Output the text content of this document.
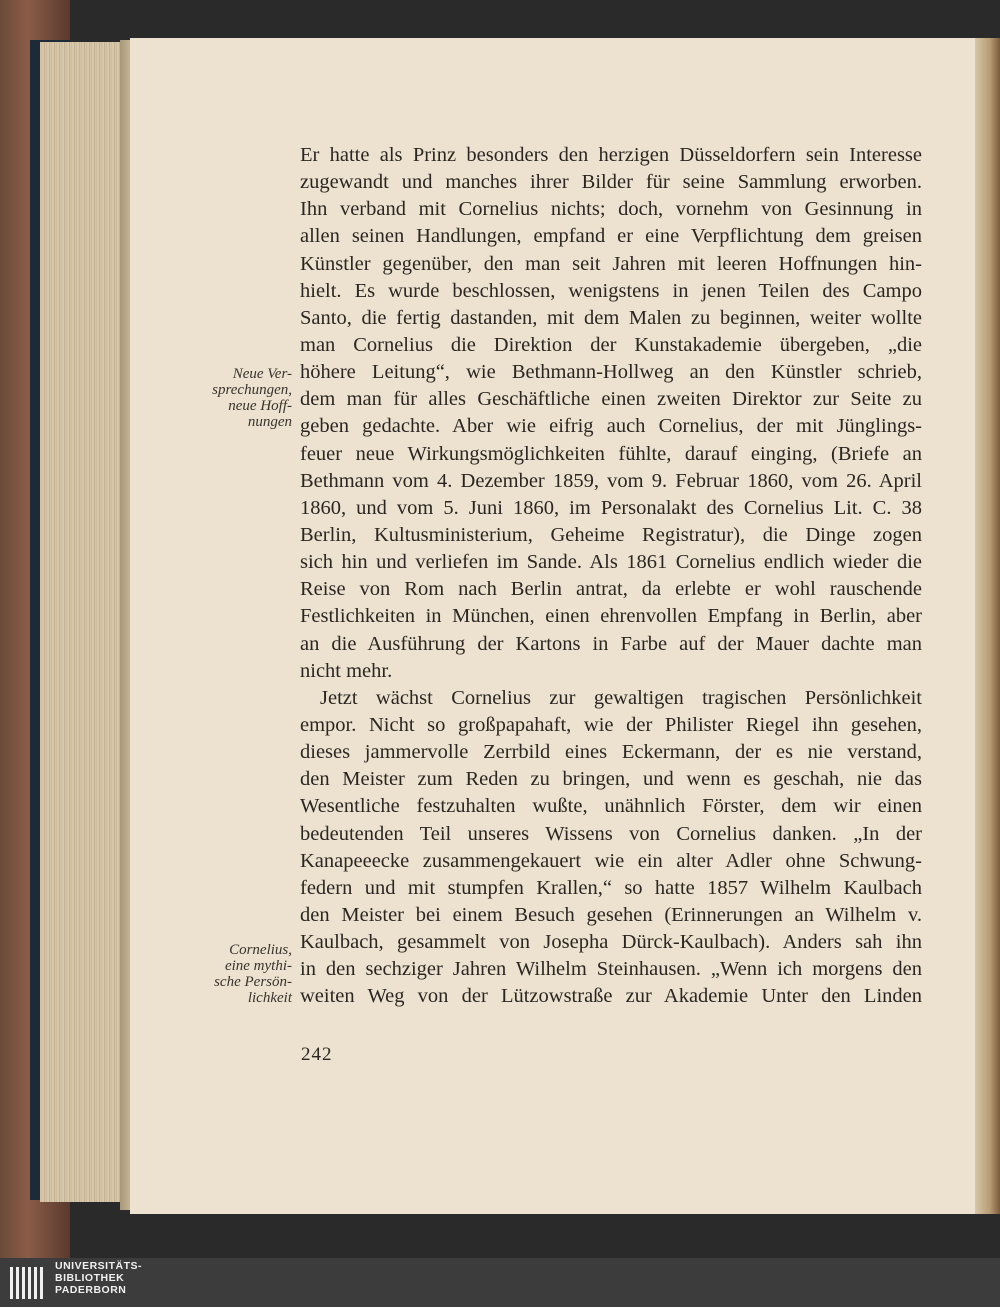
Er hatte als Prinz besonders den herzigen Düsseldorfern sein Interesse
zugewandt und manches ihrer Bilder für seine Sammlung erworben.
Ihn verband mit Cornelius nichts; doch, vornehm von Gesinnung in
allen seinen Handlungen, empfand er eine Verpflichtung dem greisen
Künstler gegenüber, den man seit Jahren mit leeren Hoffnungen hin-
hielt. Es wurde beschlossen, wenigstens in jenen Teilen des Campo
Santo, die fertig dastanden, mit dem Malen zu beginnen, weiter wollte
man Cornelius die Direktion der Kunstakademie übergeben, „die
höhere Leitung“, wie Bethmann-Hollweg an den Künstler schrieb,
dem man für alles Geschäftliche einen zweiten Direktor zur Seite zu
geben gedachte. Aber wie eifrig auch Cornelius, der mit Jünglings-
feuer neue Wirkungsmöglichkeiten fühlte, darauf einging, (Briefe an
Bethmann vom 4. Dezember 1859, vom 9. Februar 1860, vom 26. April
1860, und vom 5. Juni 1860, im Personalakt des Cornelius Lit. C. 38
Berlin, Kultusministerium, Geheime Registratur), die Dinge zogen
sich hin und verliefen im Sande. Als 1861 Cornelius endlich wieder die
Reise von Rom nach Berlin antrat, da erlebte er wohl rauschende
Festlichkeiten in München, einen ehrenvollen Empfang in Berlin, aber
an die Ausführung der Kartons in Farbe auf der Mauer dachte man
nicht mehr.
Jetzt wächst Cornelius zur gewaltigen tragischen Persönlichkeit
empor. Nicht so großpapahaft, wie der Philister Riegel ihn gesehen,
dieses jammervolle Zerrbild eines Eckermann, der es nie verstand,
den Meister zum Reden zu bringen, und wenn es geschah, nie das
Wesentliche festzuhalten wußte, unähnlich Förster, dem wir einen
bedeutenden Teil unseres Wissens von Cornelius danken. „In der
Kanapeeecke zusammengekauert wie ein alter Adler ohne Schwung-
federn und mit stumpfen Krallen,“ so hatte 1857 Wilhelm Kaulbach
den Meister bei einem Besuch gesehen (Erinnerungen an Wilhelm v.
Kaulbach, gesammelt von Josepha Dürck-Kaulbach). Anders sah ihn
in den sechziger Jahren Wilhelm Steinhausen. „Wenn ich morgens den
weiten Weg von der Lützowstraße zur Akademie Unter den Linden
Neue Ver-
sprechungen,
neue Hoff-
nungen
Cornelius,
eine mythi-
sche Persön-
lichkeit
242
UNIVERSITÄTS-
BIBLIOTHEK
PADERBORN
